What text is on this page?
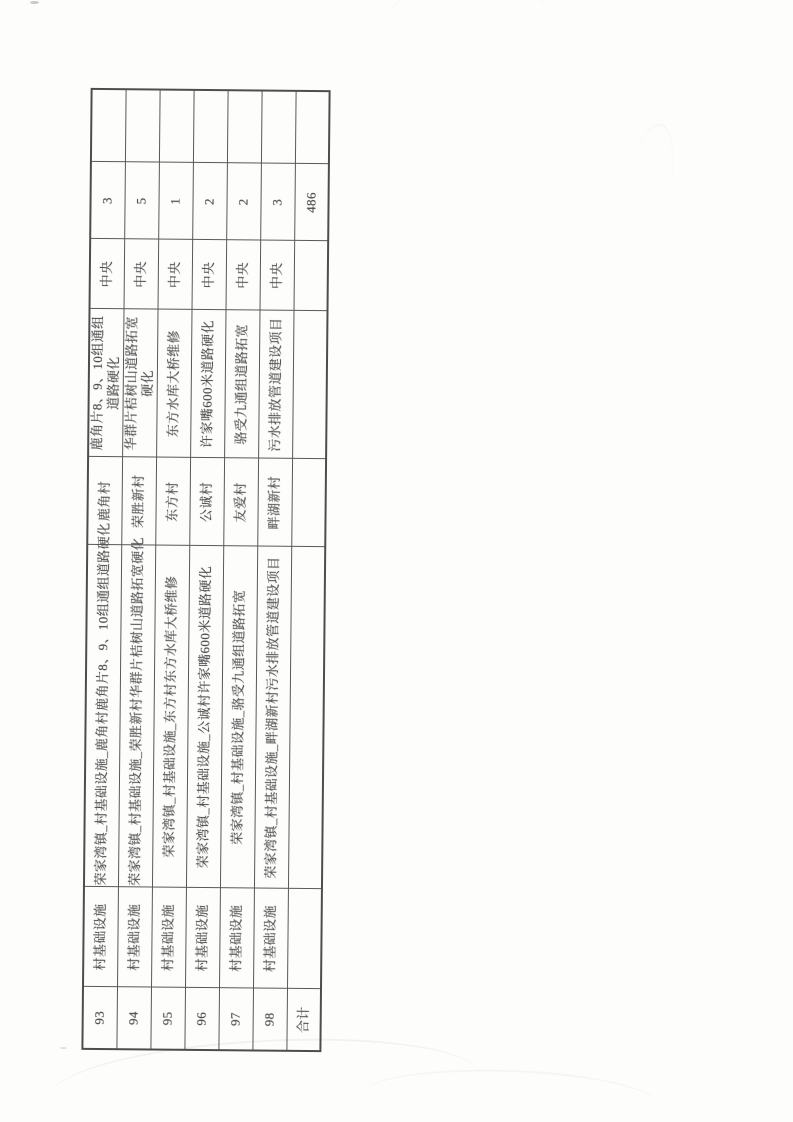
93	村基础设施	荣家湾镇_村基础设施_鹿角村鹿角片8、9、10组通组道路硬化	鹿角村	鹿角片8、9、10组通组道路硬化	中央	3	
94	村基础设施	荣家湾镇_村基础设施_荣胜新村华群片桔树山道路拓宽硬化	荣胜新村	华群片桔树山道路拓宽硬化	中央	5	
95	村基础设施	荣家湾镇_村基础设施_东方村东方水库大桥维修	东方村	东方水库大桥维修	中央	1	
96	村基础设施	荣家湾镇_村基础设施_公诚村许家嘴600米道路硬化	公诚村	许家嘴600米道路硬化	中央	2	
97	村基础设施	荣家湾镇_村基础设施_骆受九通组道路拓宽	友爱村	骆受九通组道路拓宽	中央	2	
98	村基础设施	荣家湾镇_村基础设施_畔湖新村污水排放管道建设项目	畔湖新村	污水排放管道建设项目	中央	3	
合计						486	
